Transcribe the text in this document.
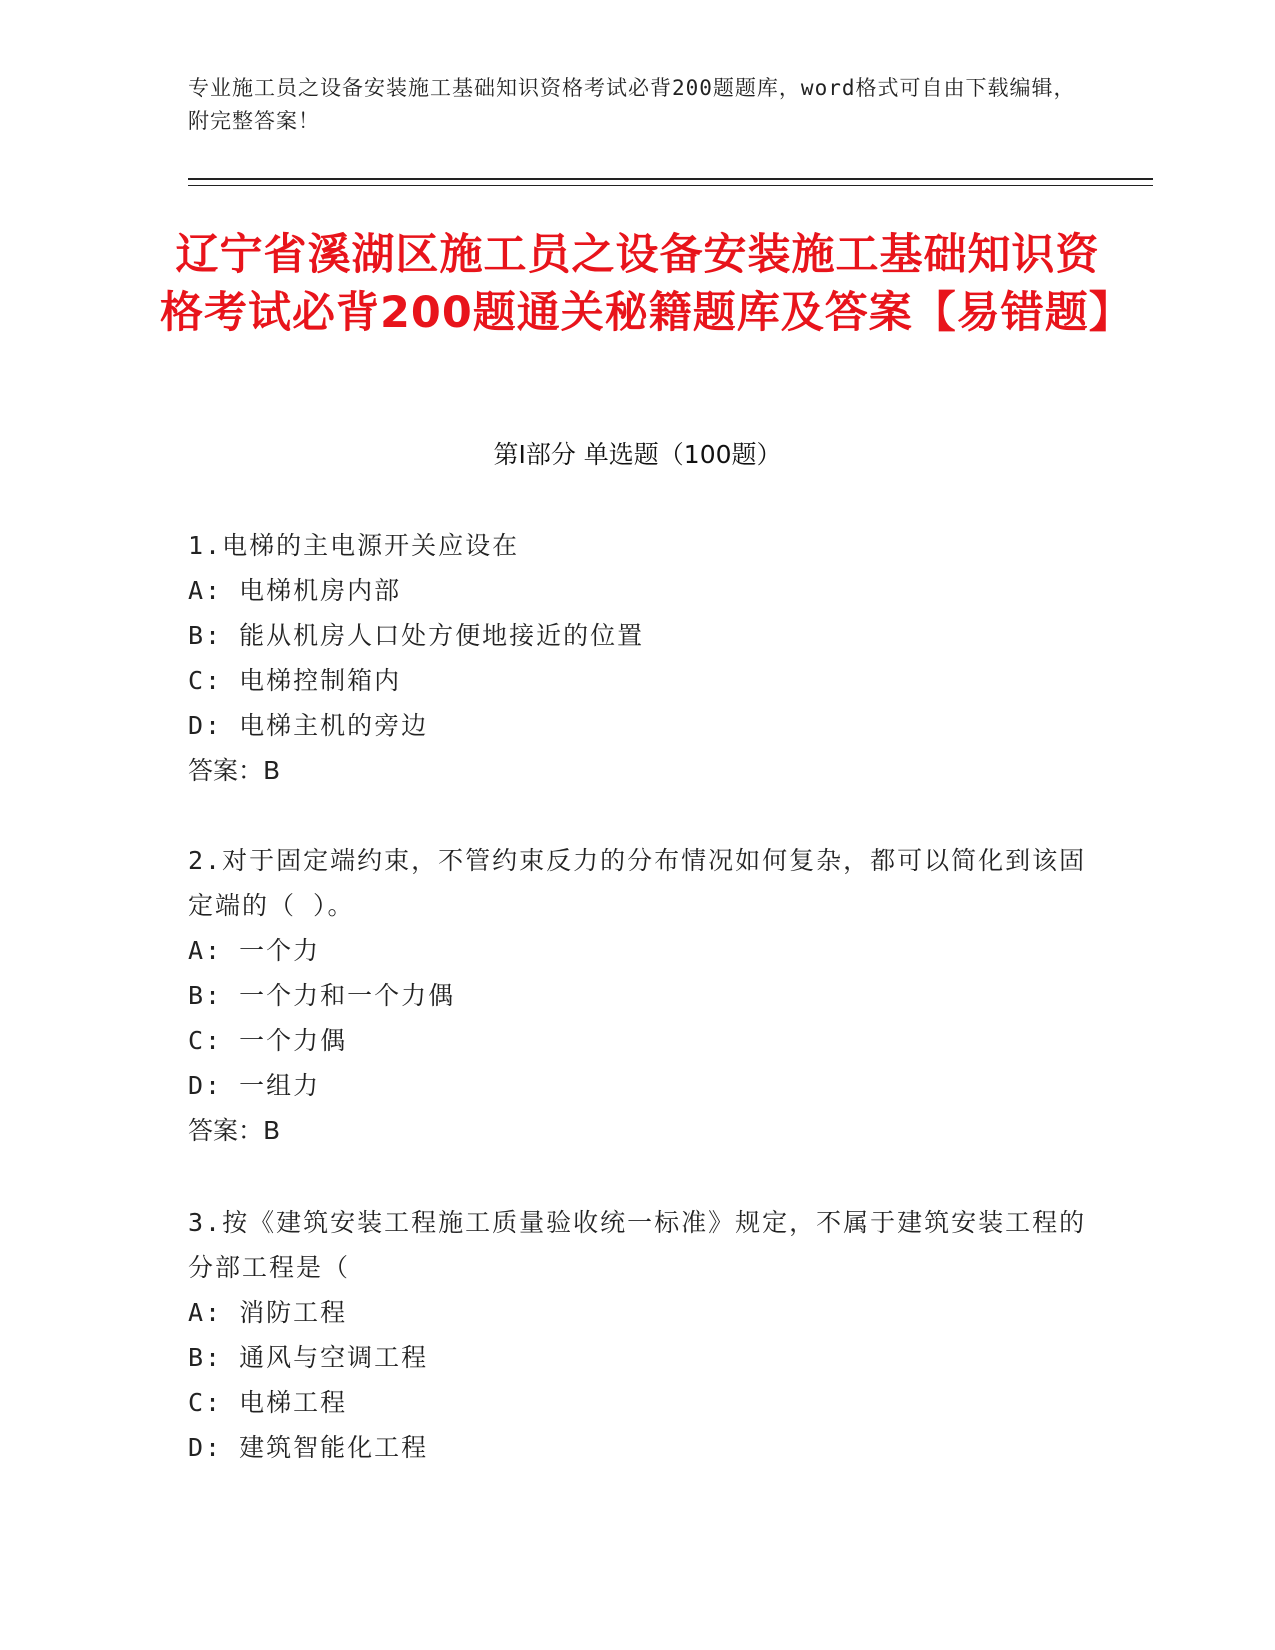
专业施工员之设备安装施工基础知识资格考试必背200题题库，word格式可自由下载编辑，附完整答案！
辽宁省溪湖区施工员之设备安装施工基础知识资格考试必背200题通关秘籍题库及答案【易错题】
第I部分 单选题（100题）
1.电梯的主电源开关应设在
A: 电梯机房内部
B: 能从机房人口处方便地接近的位置
C: 电梯控制箱内
D: 电梯主机的旁边
答案：B
2.对于固定端约束，不管约束反力的分布情况如何复杂，都可以简化到该固定端的（ ）。
A: 一个力
B: 一个力和一个力偶
C: 一个力偶
D: 一组力
答案：B
3.按《建筑安装工程施工质量验收统一标准》规定，不属于建筑安装工程的分部工程是（
A: 消防工程
B: 通风与空调工程
C: 电梯工程
D: 建筑智能化工程
